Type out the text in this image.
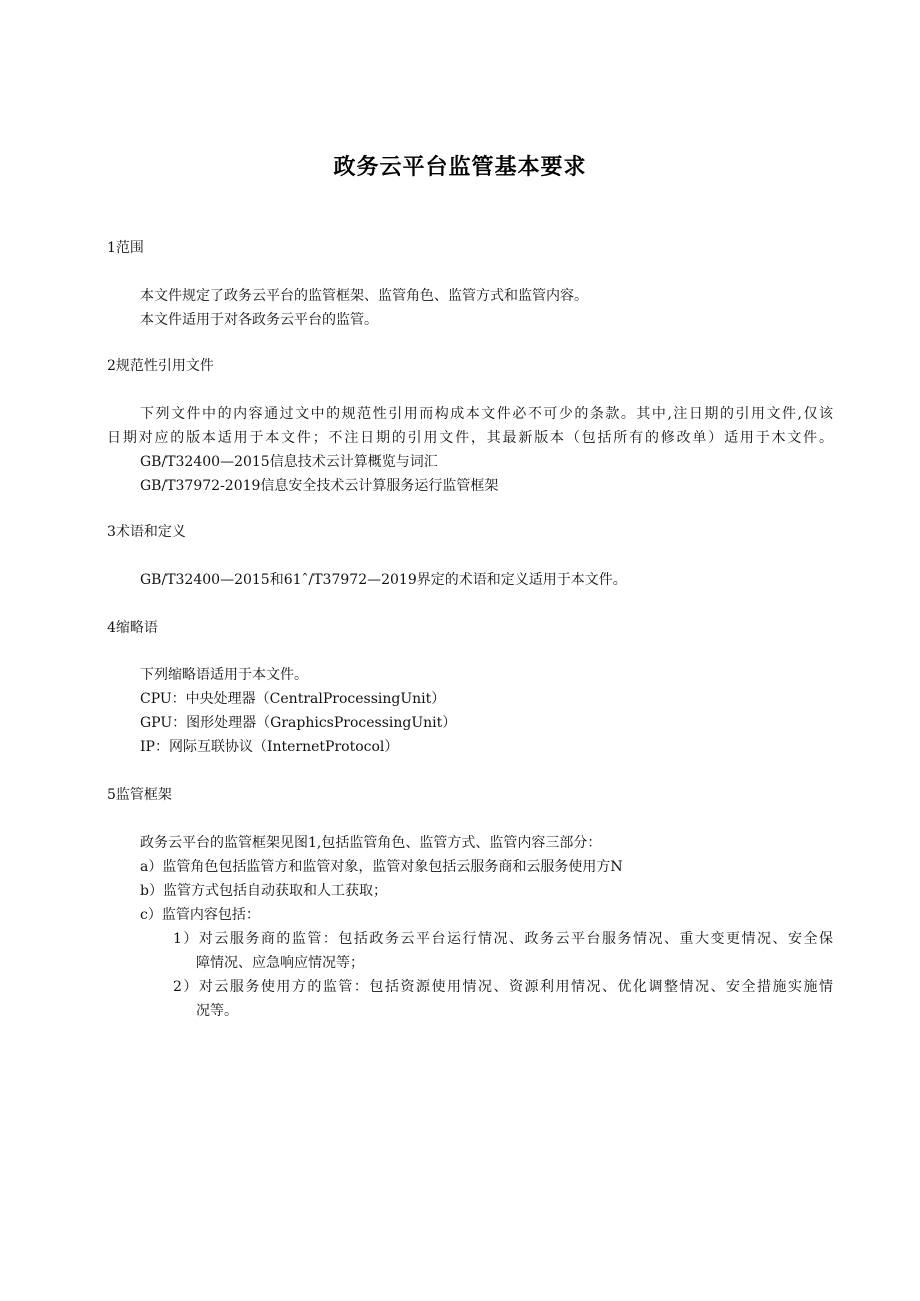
政务云平台监管基本要求
1范围
本文件规定了政务云平台的监管框架、监管角色、监管方式和监管内容。
本文件适用于对各政务云平台的监管。
2规范性引用文件
下列文件中的内容通过文中的规范性引用而构成本文件必不可少的条款。其中,注日期的引用文件,仅该
日期对应的版本适用于本文件；不注日期的引用文件，其最新版本（包括所有的修改单）适用于木文件。
GB/T32400—2015信息技术云计算概览与词汇
GB/T37972-2019信息安全技术云计算服务运行监管框架
3术语和定义
GB/T32400—2015和61ˆ/T37972—2019界定的术语和定义适用于本文件。
4缩略语
下列缩略语适用于本文件。
CPU：中央处理器（CentralProcessingUnit）
GPU：图形处理器（GraphicsProcessingUnit）
IP：网际互联协议（InternetProtocol）
5监管框架
政务云平台的监管框架见图1,包括监管角色、监管方式、监管内容三部分：
a）监管角色包括监管方和监管对象，监管对象包括云服务商和云服务使用方N
b）监管方式包括自动获取和人工获取；
c）监管内容包括：
1）对云服务商的监管：包括政务云平台运行情况、政务云平台服务情况、重大变更情况、安全保
障情况、应急响应情况等；
2）对云服务使用方的监管：包括资源使用情况、资源利用情况、优化调整情况、安全措施实施情
况等。
